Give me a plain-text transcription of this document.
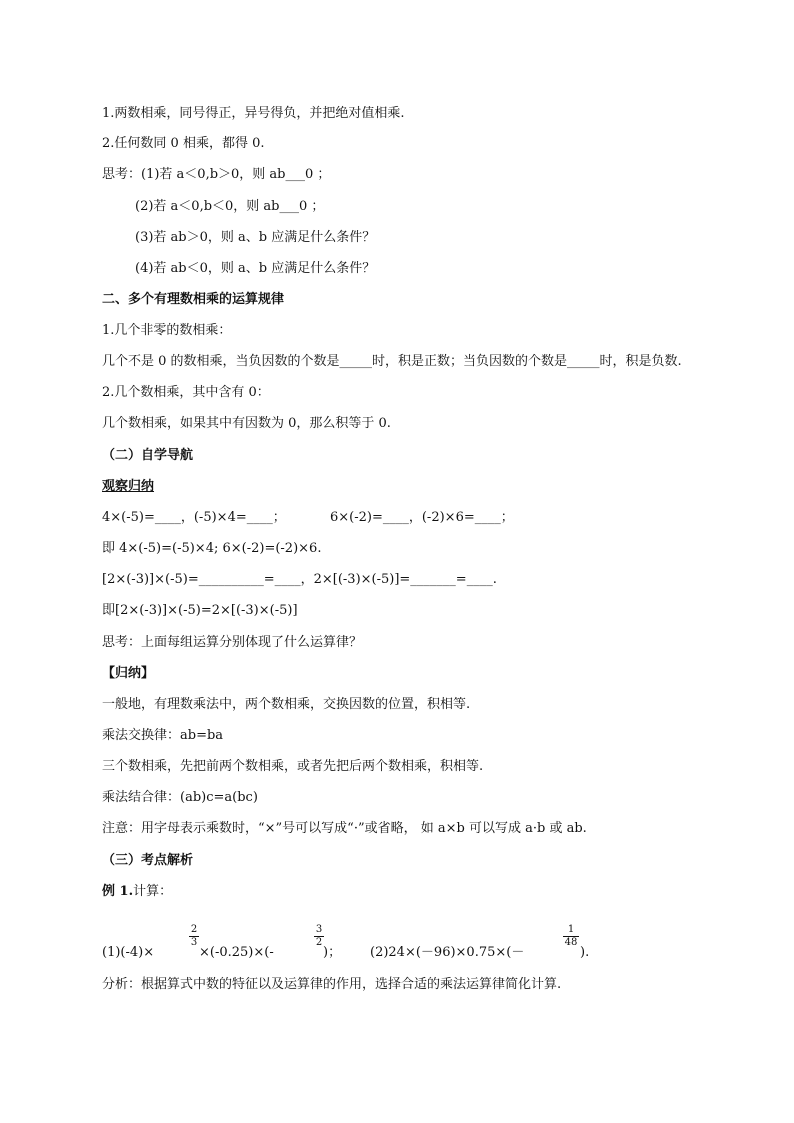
1.两数相乘，同号得正，异号得负，并把绝对值相乘.
2.任何数同 0 相乘，都得 0.
思考：(1)若 a＜0,b＞0，则 ab___0 ；
(2)若 a＜0,b＜0，则 ab___0 ；
(3)若 ab＞0，则 a、b 应满足什么条件？
(4)若 ab＜0，则 a、b 应满足什么条件？
二、多个有理数相乘的运算规律
1.几个非零的数相乘：
几个不是 0 的数相乘，当负因数的个数是_____时，积是正数；当负因数的个数是_____时，积是负数.
2.几个数相乘，其中含有 0：
几个数相乘，如果其中有因数为 0，那么积等于 0.
（二）自学导航
观察归纳
4×(-5)=____，(-5)×4=____；	6×(-2)=____，(-2)×6=____；
即 4×(-5)=(-5)×4; 6×(-2)=(-2)×6.
[2×(-3)]×(-5)=__________=____，2×[(-3)×(-5)]=_______=____.
即[2×(-3)]×(-5)=2×[(-3)×(-5)]
思考：上面每组运算分别体现了什么运算律？
【归纳】
一般地，有理数乘法中，两个数相乘，交换因数的位置，积相等.
乘法交换律：ab=ba
三个数相乘，先把前两个数相乘，或者先把后两个数相乘，积相等.
乘法结合律：(ab)c=a(bc)
注意：用字母表示乘数时，“×”号可以写成“·”或省略， 如 a×b 可以写成 a·b 或 ab.
（三）考点解析
例 1.计算：
(1)(-4)×
2
3
×(-0.25)×(-
3
2
)； (2)24×(－96)×0.75×(－
1
48
).
分析：根据算式中数的特征以及运算律的作用，选择合适的乘法运算律简化计算.
